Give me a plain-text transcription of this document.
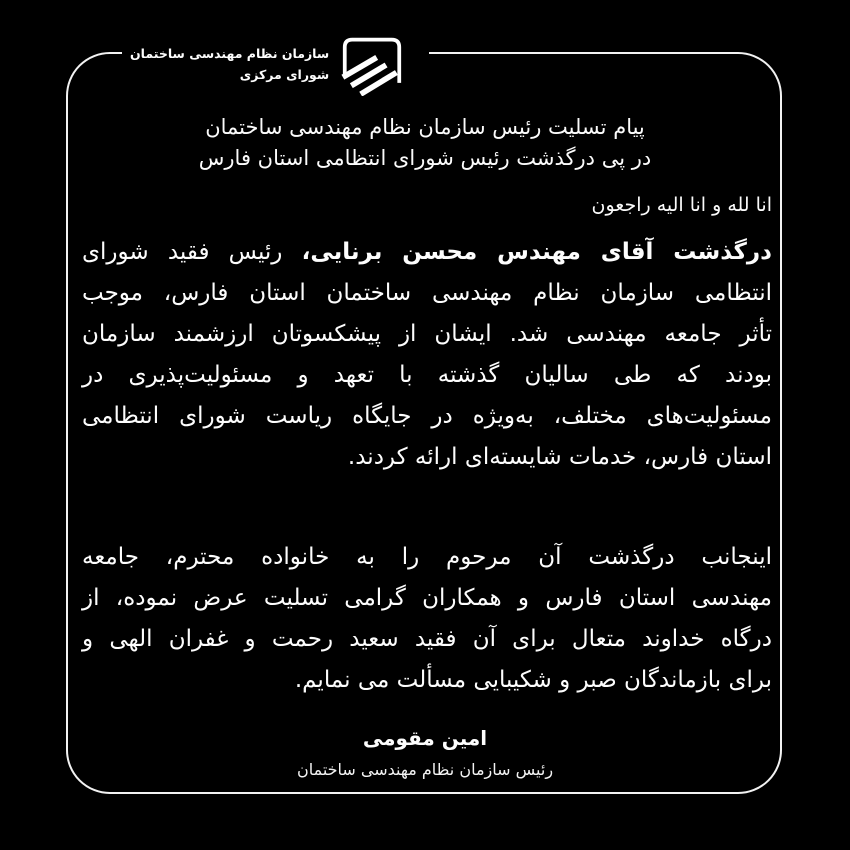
سازمان نظام مهندسی ساختمان
شورای مرکزی
پیام تسلیت رئیس سازمان نظام مهندسی ساختمان
در پی درگذشت رئیس شورای انتظامی استان فارس
انا لله و انا الیه راجعون
درگذشت آقای مهندس محسن برنایی، رئیس فقید شورای
انتظامی سازمان نظام مهندسی ساختمان استان فارس، موجب
تأثر جامعه مهندسی شد. ایشان از پیشکسوتان ارزشمند سازمان
بودند که طی سالیان گذشته با تعهد و مسئولیت‌پذیری در
مسئولیت‌های مختلف، به‌ویژه در جایگاه ریاست شورای انتظامی
استان فارس، خدمات شایسته‌ای ارائه کردند.
اینجانب درگذشت آن مرحوم را به خانواده محترم، جامعه
مهندسی استان فارس و همکاران گرامی تسلیت عرض نموده، از
درگاه خداوند متعال برای آن فقید سعید رحمت و غفران الهی و
برای بازماندگان صبر و شکیبایی مسألت می نمایم.
امین مقومی
رئیس سازمان نظام مهندسی ساختمان
